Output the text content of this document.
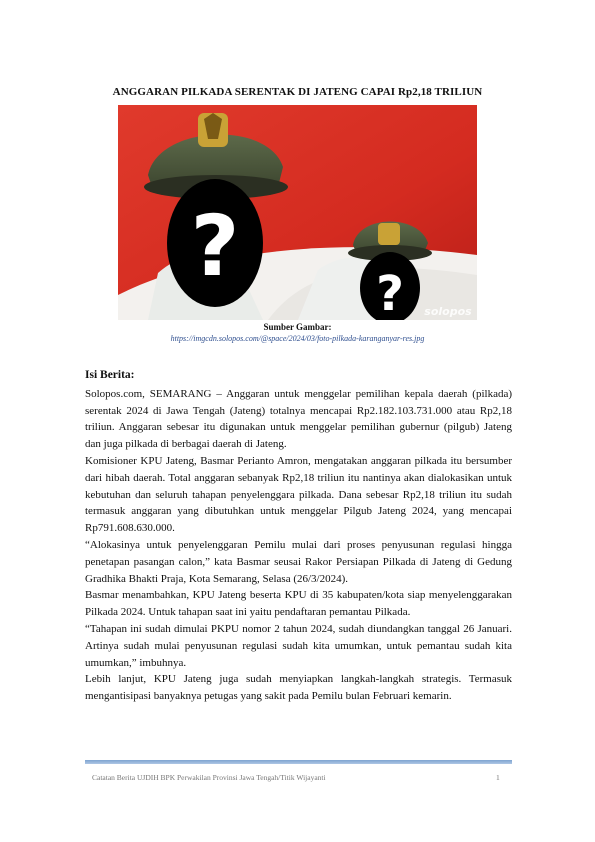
ANGGARAN PILKADA SERENTAK DI JATENG CAPAI Rp2,18 TRILIUN
?	? solopos
Sumber Gambar:
https://imgcdn.solopos.com/@space/2024/03/foto-pilkada-karanganyar-res.jpg
Isi Berita:

Solopos.com, SEMARANG – Anggaran untuk menggelar pemilihan kepala daerah (pilkada) serentak 2024 di Jawa Tengah (Jateng) totalnya mencapai Rp2.182.103.731.000 atau Rp2,18 triliun. Anggaran sebesar itu digunakan untuk menggelar pemilihan gubernur (pilgub) Jateng dan juga pilkada di berbagai daerah di Jateng.

Komisioner KPU Jateng, Basmar Perianto Amron, mengatakan anggaran pilkada itu bersumber dari hibah daerah. Total anggaran sebanyak Rp2,18 triliun itu nantinya akan dialokasikan untuk kebutuhan dan seluruh tahapan penyelenggara pilkada. Dana sebesar Rp2,18 triliun itu sudah termasuk anggaran yang dibutuhkan untuk menggelar Pilgub Jateng 2024, yang mencapai Rp791.608.630.000.

“Alokasinya untuk penyelenggaran Pemilu mulai dari proses penyusunan regulasi hingga penetapan pasangan calon,” kata Basmar seusai Rakor Persiapan Pilkada di Jateng di Gedung Gradhika Bhakti Praja, Kota Semarang, Selasa (26/3/2024).

Basmar menambahkan, KPU Jateng beserta KPU di 35 kabupaten/kota siap menyelenggarakan Pilkada 2024. Untuk tahapan saat ini yaitu pendaftaran pemantau Pilkada.

“Tahapan ini sudah dimulai PKPU nomor 2 tahun 2024, sudah diundangkan tanggal 26 Januari. Artinya sudah mulai penyusunan regulasi sudah kita umumkan, untuk pemantau sudah kita umumkan,” imbuhnya.

Lebih lanjut, KPU Jateng juga sudah menyiapkan langkah-langkah strategis. Termasuk mengantisipasi banyaknya petugas yang sakit pada Pemilu bulan Februari kemarin.

Catatan Berita UJDIH BPK Perwakilan Provinsi Jawa Tengah/Titik Wijayanti	1
